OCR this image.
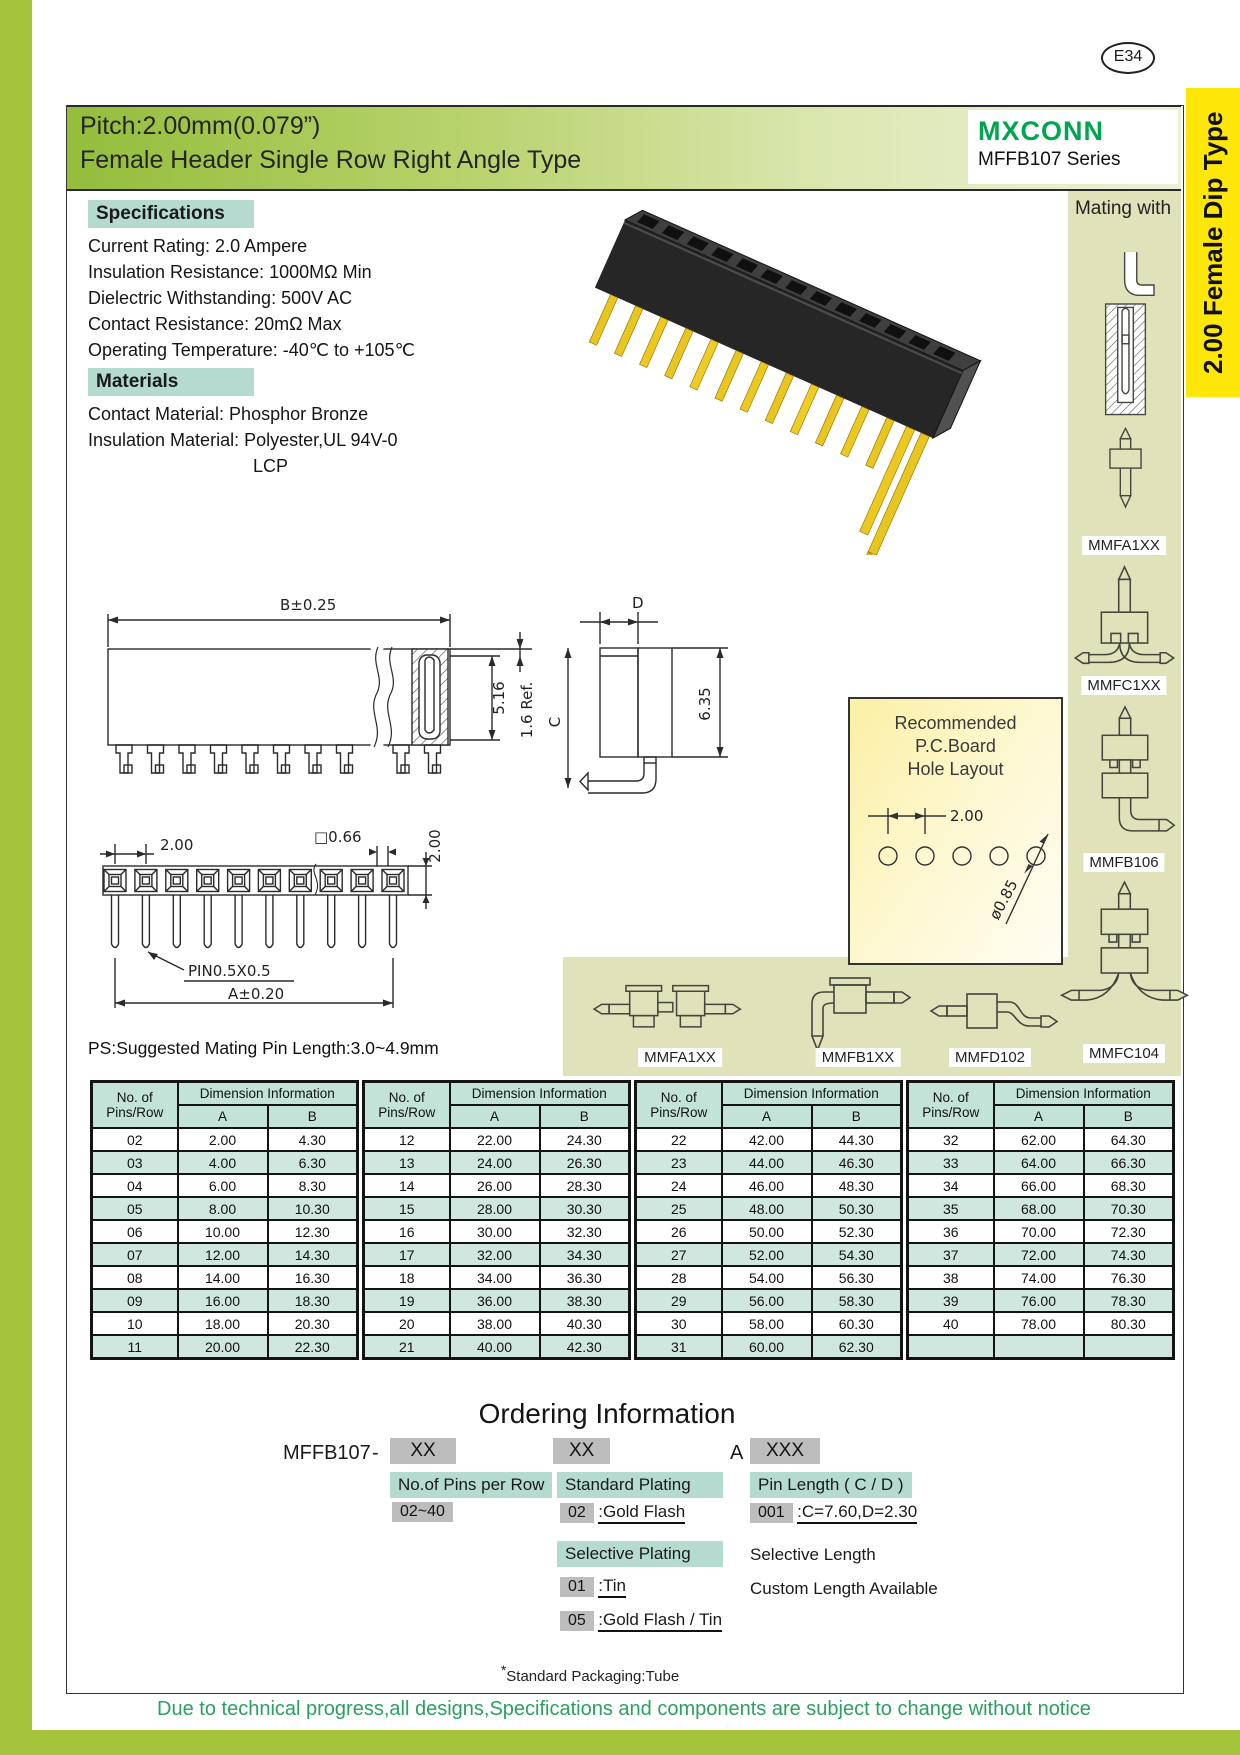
E34
Pitch:2.00mm(0.079”)
Female Header Single Row Right Angle Type
MXCONN
MFFB107 Series	2.00 Female Dip Type
Specifications
Current Rating: 2.0 Ampere
Insulation Resistance: 1000MΩ Min
Dielectric Withstanding: 500V AC
Contact Resistance: 20mΩ Max
Operating Temperature: -40℃ to +105℃
Materials
Contact Material: Phosphor Bronze
Insulation Material: Polyester,UL 94V-0
LCP
Mating with
MMFA1XX
MMFC1XX
MMFB106
MMFC104
MMFA1XX	MMFB1XX	MMFD102
Recommended
P.C.Board
Hole Layout
2.00
ø0.85
B±0.25
5.16 1.6 Ref.
D
C
6.35
2.00	□0.66	2.00
PIN0.5X0.5
A±0.20
PS:Suggested Mating Pin Length:3.0~4.9mm
No. of
Pins/Row	Dimension Information	
	A	B
02	2.00	4.30
03	4.00	6.30
04	6.00	8.30
05	8.00	10.30
06	10.00	12.30
07	12.00	14.30
08	14.00	16.30
09	16.00	18.30
10	18.00	20.30
11	20.00	22.30
No. of
Pins/Row	Dimension Information	
	A	B
12	22.00	24.30
13	24.00	26.30
14	26.00	28.30
15	28.00	30.30
16	30.00	32.30
17	32.00	34.30
18	34.00	36.30
19	36.00	38.30
20	38.00	40.30
21	40.00	42.30
No. of
Pins/Row	Dimension Information	
	A	B
22	42.00	44.30
23	44.00	46.30
24	46.00	48.30
25	48.00	50.30
26	50.00	52.30
27	52.00	54.30
28	54.00	56.30
29	56.00	58.30
30	58.00	60.30
31	60.00	62.30
No. of
Pins/Row	Dimension Information	
	A	B
32	62.00	64.30
33	64.00	66.30
34	66.00	68.30
35	68.00	70.30
36	70.00	72.30
37	72.00	74.30
38	74.00	76.30
39	76.00	78.30
40	78.00	80.30

Ordering Information
MFFB107 -	XX	XX	A	XXX
No.of Pins per Row
02~40
Standard Plating
02 :Gold Flash
Selective Plating
01 :Tin
05 :Gold Flash / Tin
Pin Length ( C / D )
001 :C=7.60,D=2.30
Selective Length
Custom Length Available
*Standard Packaging:Tube
Due to technical progress,all designs,Specifications and components are subject to change without notice
